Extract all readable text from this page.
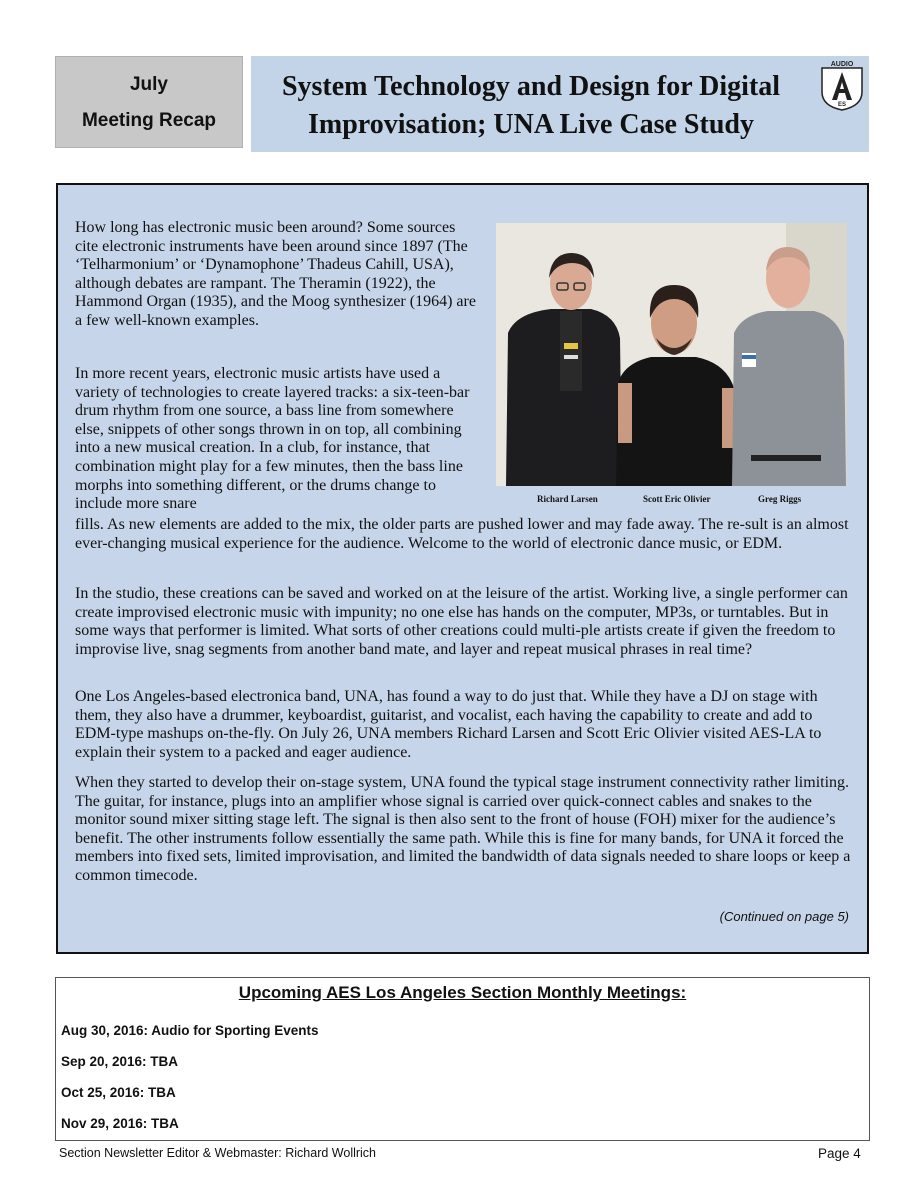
July
Meeting Recap
System Technology and Design for Digital
Improvisation; UNA Live Case Study
AUDIO
ES
Richard Larsen	Scott Eric Olivier	Greg Riggs

How long has electronic music been around? Some sources cite electronic instruments have been around since 1897 (The ‘Telharmonium’ or ‘Dynamophone’ Thadeus Cahill, USA), although debates are rampant. The Theramin (1922), the Hammond Organ (1935), and the Moog synthesizer (1964) are a few well-known examples.

In more recent years, electronic music artists have used a variety of technologies to create layered tracks: a six-teen-bar drum rhythm from one source, a bass line from somewhere else, snippets of other songs thrown in on top, all combining into a new musical creation. In a club, for instance, that combination might play for a few minutes, then the bass line morphs into something different, or the drums change to include more snare

fills. As new elements are added to the mix, the older parts are pushed lower and may fade away. The re-sult is an almost ever-changing musical experience for the audience. Welcome to the world of electronic dance music, or EDM.

In the studio, these creations can be saved and worked on at the leisure of the artist. Working live, a single performer can create improvised electronic music with impunity; no one else has hands on the computer, MP3s, or turntables. But in some ways that performer is limited. What sorts of other creations could multi-ple artists create if given the freedom to improvise live, snag segments from another band mate, and layer and repeat musical phrases in real time?

One Los Angeles-based electronica band, UNA, has found a way to do just that. While they have a DJ on stage with them, they also have a drummer, keyboardist, guitarist, and vocalist, each having the capability to create and add to EDM-type mashups on-the-fly. On July 26, UNA members Richard Larsen and Scott Eric Olivier visited AES-LA to explain their system to a packed and eager audience.

When they started to develop their on-stage system, UNA found the typical stage instrument connectivity rather limiting. The guitar, for instance, plugs into an amplifier whose signal is carried over quick-connect cables and snakes to the monitor sound mixer sitting stage left. The signal is then also sent to the front of house (FOH) mixer for the audience’s benefit. The other instruments follow essentially the same path. While this is fine for many bands, for UNA it forced the members into fixed sets, limited improvisation, and limited the bandwidth of data signals needed to share loops or keep a common timecode.

(Continued on page 5)
Upcoming AES Los Angeles Section Monthly Meetings:
Aug 30, 2016: Audio for Sporting Events
Sep 20, 2016: TBA
Oct 25, 2016: TBA
Nov 29, 2016: TBA
Section Newsletter Editor & Webmaster: Richard Wollrich	Page 4
